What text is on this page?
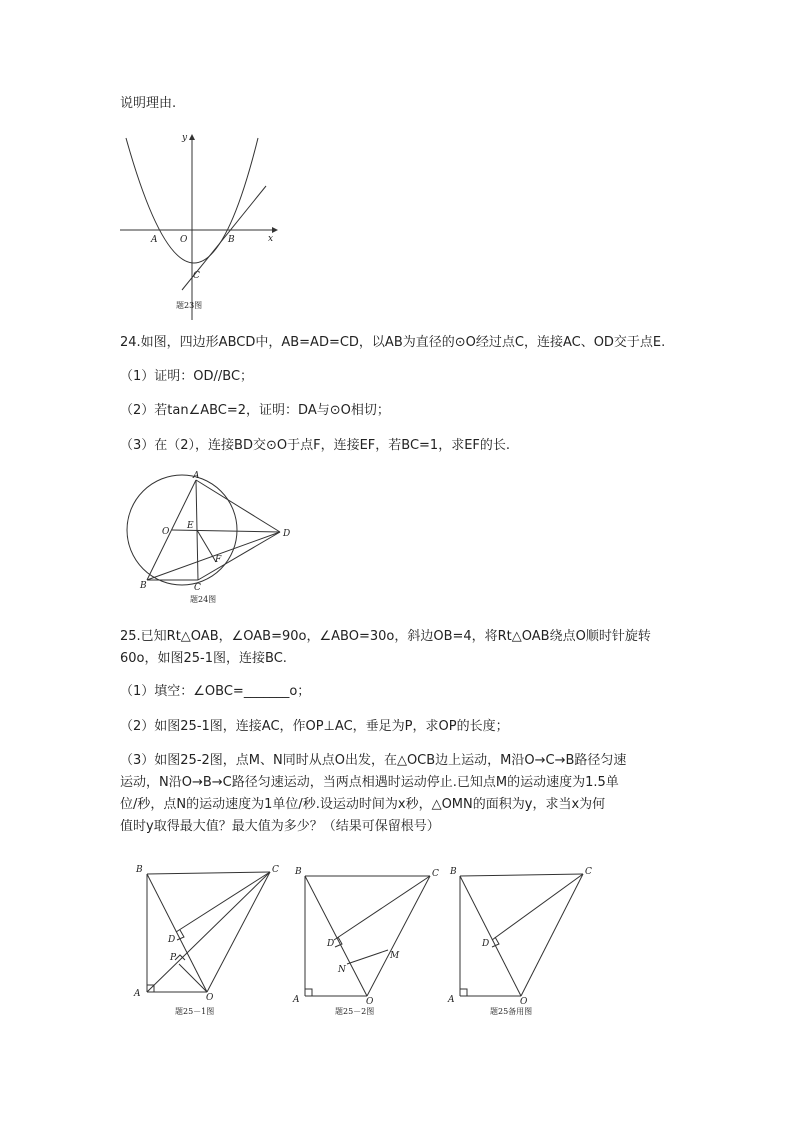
说明理由.
y
x
A	O	B
C
题23图
24.如图，四边形ABCD中，AB=AD=CD，以AB为直径的⊙O经过点C，连接AC、OD交于点E.
（1）证明：OD//BC；
（2）若tan∠ABC=2，证明：DA与⊙O相切；
（3）在（2），连接BD交⊙O于点F，连接EF，若BC=1，求EF的长.
A
O
E
D
F
B	C
题24图
25.已知Rt△OAB，∠OAB=90o，∠ABO=30o，斜边OB=4，将Rt△OAB绕点O顺时针旋转
60o，如图25-1图，连接BC.
（1）填空：∠OBC=_______o；
（2）如图25-1图，连接AC，作OP⊥AC，垂足为P，求OP的长度；
（3）如图25-2图，点M、N同时从点O出发，在△OCB边上运动，M沿O→C→B路径匀速
运动，N沿O→B→C路径匀速运动，当两点相遇时运动停止.已知点M的运动速度为1.5单
位/秒，点N的运动速度为1单位/秒.设运动时间为x秒，△OMN的面积为y，求当x为何
值时y取得最大值？最大值为多少？（结果可保留根号）
B	C
D
P
A	O
题25－1图
B	C
D
M
N
A	O
题25－2图
B	C
D
A	O
题25备用图
